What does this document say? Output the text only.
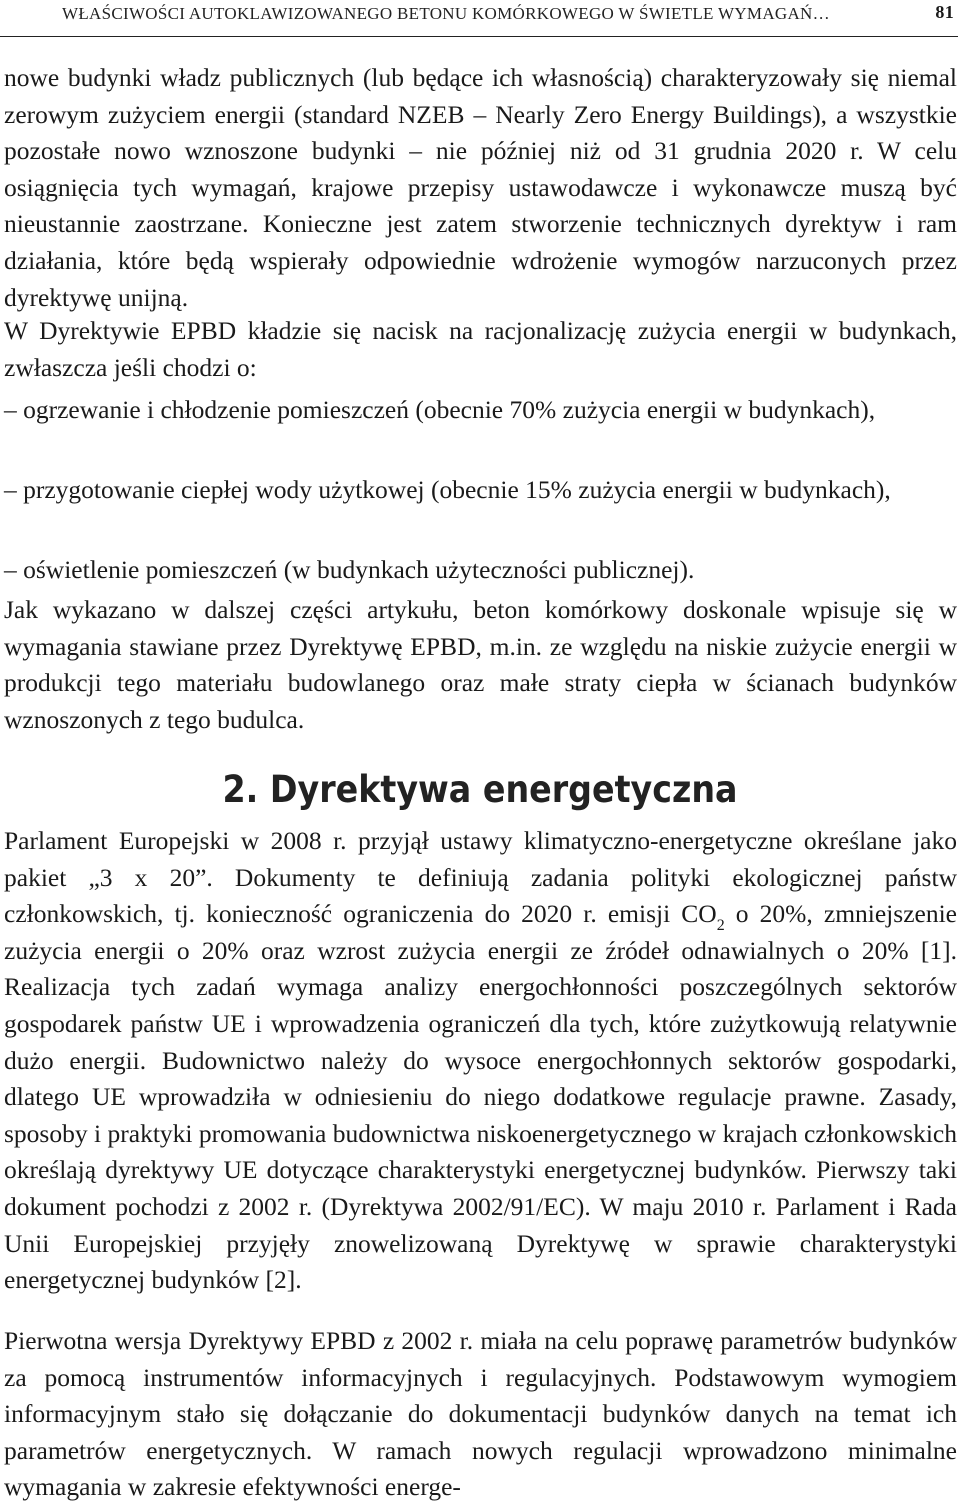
WŁAŚCIWOŚCI AUTOKLAWIZOWANEGO BETONU KOMÓRKOWEGO W ŚWIETLE WYMAGAŃ…	81
nowe budynki władz publicznych (lub będące ich własnością) charakteryzowały się niemal zerowym zużyciem energii (standard NZEB – Nearly Zero Energy Buildings), a wszystkie pozostałe nowo wznoszone budynki – nie później niż od 31 grudnia 2020 r. W celu osiągnięcia tych wymagań, krajowe przepisy ustawodawcze i wykonawcze muszą być nieustannie zaostrzane. Konieczne jest zatem stworzenie technicznych dyrektyw i ram działania, które będą wspierały odpowiednie wdrożenie wymogów narzuconych przez dyrektywę unijną.
W Dyrektywie EPBD kładzie się nacisk na racjonalizację zużycia energii w budynkach, zwłaszcza jeśli chodzi o:
– ogrzewanie i chłodzenie pomieszczeń (obecnie 70% zużycia energii w budynkach),
– przygotowanie ciepłej wody użytkowej (obecnie 15% zużycia energii w budynkach),
– oświetlenie pomieszczeń (w budynkach użyteczności publicznej).
Jak wykazano w dalszej części artykułu, beton komórkowy doskonale wpisuje się w wymagania stawiane przez Dyrektywę EPBD, m.in. ze względu na niskie zużycie energii w produkcji tego materiału budowlanego oraz małe straty ciepła w ścianach budynków wznoszonych z tego budulca.
2. Dyrektywa energetyczna
Parlament Europejski w 2008 r. przyjął ustawy klimatyczno-energetyczne określane jako pakiet „3 x 20”. Dokumenty te definiują zadania polityki ekologicznej państw członkowskich, tj. konieczność ograniczenia do 2020 r. emisji $CO_2$ o 20%, zmniejszenie zużycia energii o 20% oraz wzrost zużycia energii ze źródeł odnawialnych o 20% [1]. Realizacja tych zadań wymaga analizy energochłonności poszczególnych sektorów gospodarek państw UE i wprowadzenia ograniczeń dla tych, które zużytkowują relatywnie dużo energii. Budownictwo należy do wysoce energochłonnych sektorów gospodarki, dlatego UE wprowadziła w odniesieniu do niego dodatkowe regulacje prawne. Zasady, sposoby i praktyki promowania budownictwa niskoenergetycznego w krajach członkowskich określają dyrektywy UE dotyczące charakterystyki energetycznej budynków. Pierwszy taki dokument pochodzi z 2002 r. (Dyrektywa 2002/91/EC). W maju 2010 r. Parlament i Rada Unii Europejskiej przyjęły znowelizowaną Dyrektywę w sprawie charakterystyki energetycznej budynków [2].
Pierwotna wersja Dyrektywy EPBD z 2002 r. miała na celu poprawę parametrów budynków za pomocą instrumentów informacyjnych i regulacyjnych. Podstawowym wymogiem informacyjnym stało się dołączanie do dokumentacji budynków danych na temat ich parametrów energetycznych. W ramach nowych regulacji wprowadzono minimalne wymagania w zakresie efektywności energe-
